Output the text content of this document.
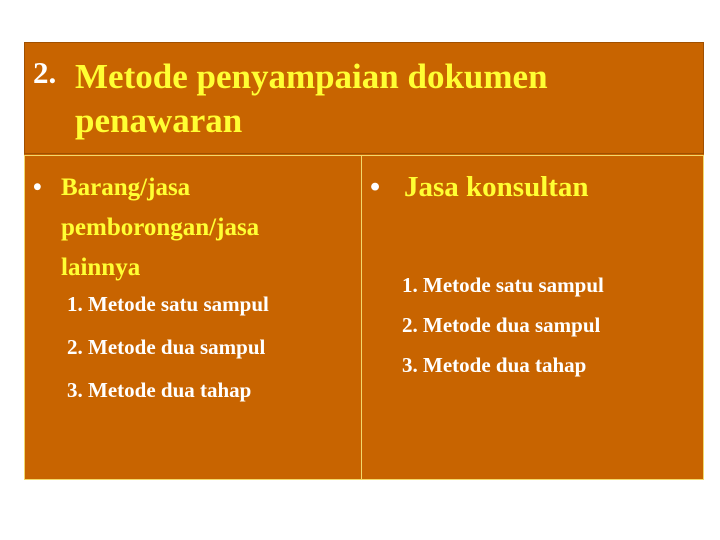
2. Metode penyampaian dokumen
penawaran
• Barang/jasa
pemborongan/jasa
lainnya
1. Metode satu sampul
2. Metode dua sampul
3. Metode dua tahap
• Jasa konsultan
1. Metode satu sampul
2. Metode dua sampul
3. Metode dua tahap
